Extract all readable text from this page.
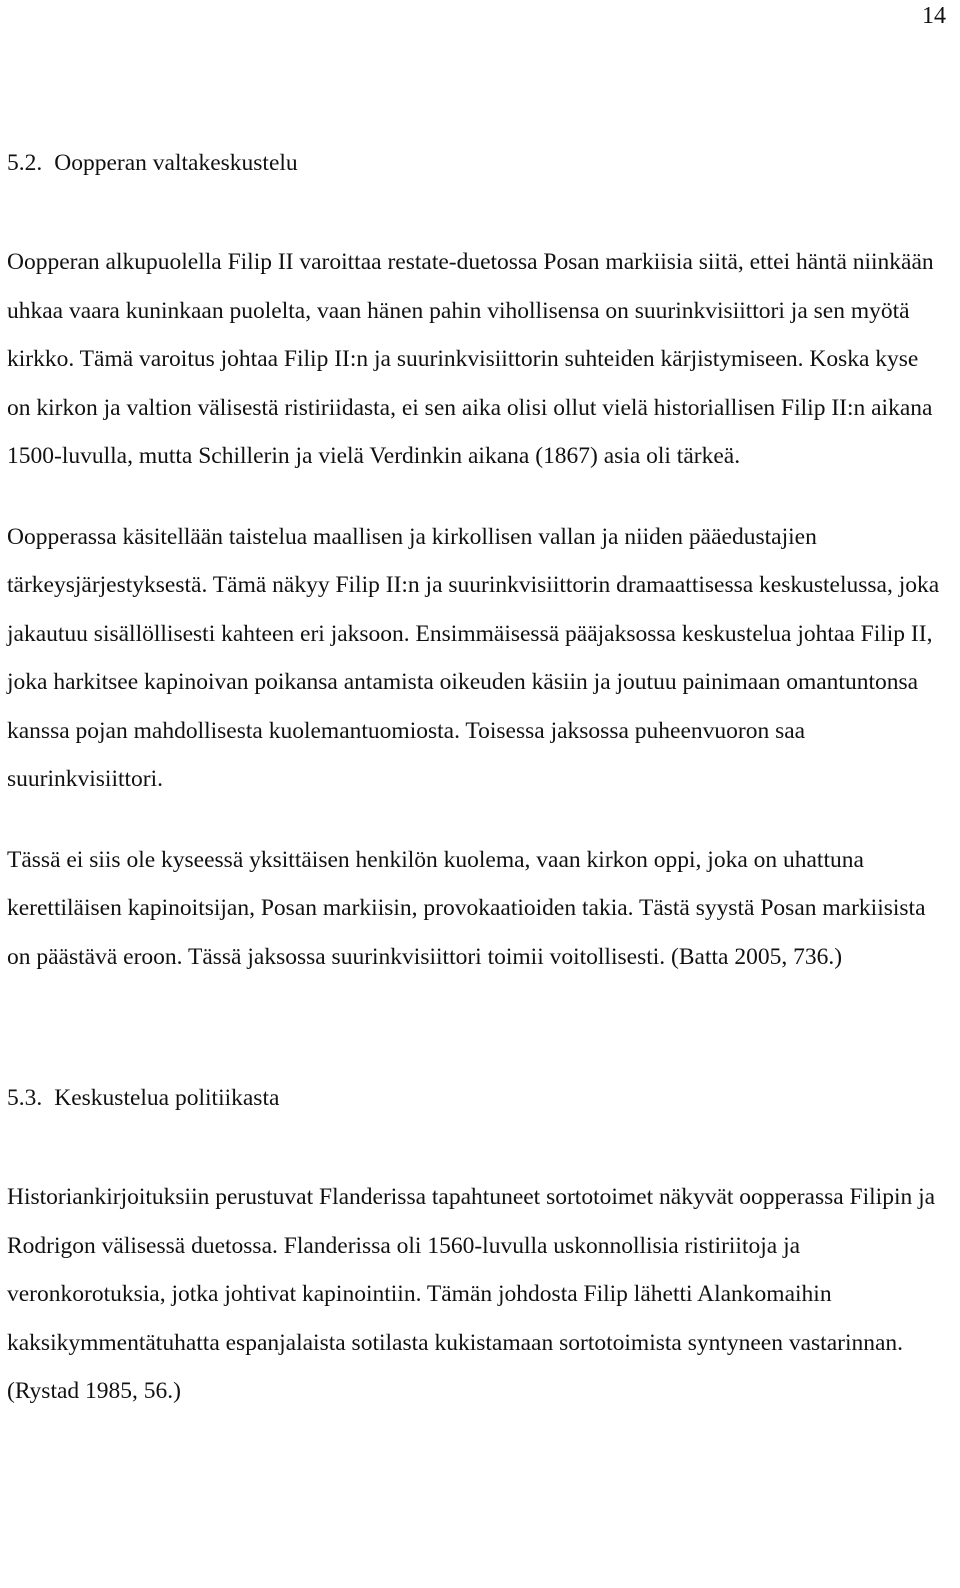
14
5.2. Oopperan valtakeskustelu

Oopperan alkupuolella Filip II varoittaa restate-duetossa Posan markiisia siitä, ettei häntä niinkään uhkaa vaara kuninkaan puolelta, vaan hänen pahin vihollisensa on suurinkvisiittori ja sen myötä kirkko. Tämä varoitus johtaa Filip II:n ja suurinkvisiittorin suhteiden kärjistymiseen. Koska kyse on kirkon ja valtion välisestä ristiriidasta, ei sen aika olisi ollut vielä historiallisen Filip II:n aikana 1500-luvulla, mutta Schillerin ja vielä Verdinkin aikana (1867) asia oli tärkeä.

Oopperassa käsitellään taistelua maallisen ja kirkollisen vallan ja niiden pääedustajien tärkeysjärjestyksestä. Tämä näkyy Filip II:n ja suurinkvisiittorin dramaattisessa keskustelussa, joka jakautuu sisällöllisesti kahteen eri jaksoon. Ensimmäisessä pääjaksossa keskustelua johtaa Filip II, joka harkitsee kapinoivan poikansa antamista oikeuden käsiin ja joutuu painimaan omantuntonsa kanssa pojan mahdollisesta kuolemantuomiosta. Toisessa jaksossa puheenvuoron saa suurinkvisiittori.

Tässä ei siis ole kyseessä yksittäisen henkilön kuolema, vaan kirkon oppi, joka on uhattuna kerettiläisen kapinoitsijan, Posan markiisin, provokaatioiden takia. Tästä syystä Posan markiisista on päästävä eroon. Tässä jaksossa suurinkvisiittori toimii voitollisesti. (Batta 2005, 736.)

5.3. Keskustelua politiikasta

Historiankirjoituksiin perustuvat Flanderissa tapahtuneet sortotoimet näkyvät oopperassa Filipin ja Rodrigon välisessä duetossa. Flanderissa oli 1560-luvulla uskonnollisia ristiriitoja ja veronkorotuksia, jotka johtivat kapinointiin. Tämän johdosta Filip lähetti Alankomaihin kaksikymmentätuhatta espanjalaista sotilasta kukistamaan sortotoimista syntyneen vastarinnan. (Rystad 1985, 56.)
